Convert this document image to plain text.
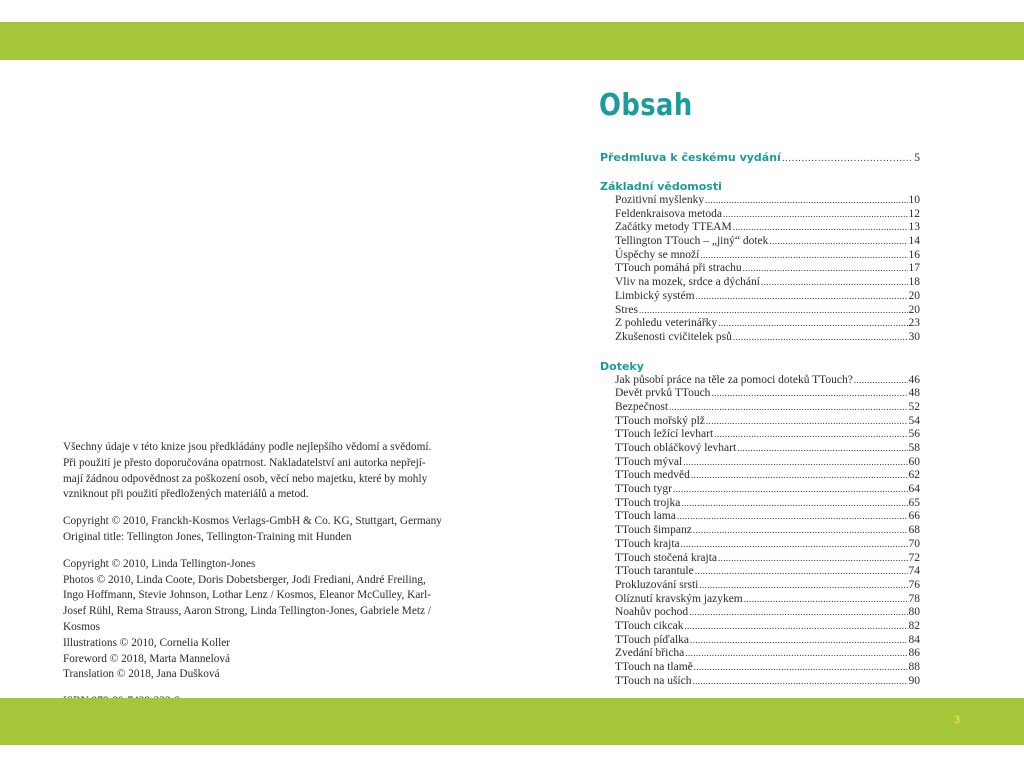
Obsah
Předmluva k českému vydání .....	5
Základní vědomosti
Pozitivní myšlenky .....	10
Feldenkraisova metoda .....	12
Začátky metody TTEAM .....	13
Tellington TTouch – „jiný“ dotek .....	14
Úspěchy se množí .....	16
TTouch pomáhá při strachu .....	17
Vliv na mozek, srdce a dýchání .....	18
Limbický systém .....	20
Stres .....	20
Z pohledu veterinářky .....	23
Zkušenosti cvičitelek psů .....	30
Doteky
Jak působí práce na těle za pomoci doteků TTouch? .....	46
Devět prvků TTouch .....	48
Bezpečnost .....	52
TTouch mořský plž .....	54
TTouch ležící levhart .....	56
TTouch obláčkový levhart .....	58
TTouch mýval .....	60
TTouch medvěd .....	62
TTouch tygr .....	64
TTouch trojka .....	65
TTouch lama .....	66
TTouch šimpanz .....	68
TTouch krajta .....	70
TTouch stočená krajta .....	72
TTouch tarantule .....	74
Prokluzování srsti .....	76
Olíznutí kravským jazykem .....	78
Noahův pochod .....	80
TTouch cikcak .....	82
TTouch píďalka .....	84
Zvedání břicha .....	86
TTouch na tlamě .....	88
TTouch na uších .....	90

Všechny údaje v této knize jsou předkládány podle nejlepšího vědomí a svědomí.
Při použití je přesto doporučována opatrnost. Nakladatelství ani autorka nepřejí-
mají žádnou odpovědnost za poškození osob, věcí nebo majetku, které by mohly
vzniknout při použití předložených materiálů a metod.

Copyright © 2010, Franckh-Kosmos Verlags-GmbH & Co. KG, Stuttgart, Germany
Original title: Tellington Jones, Tellington-Training mit Hunden

Copyright © 2010, Linda Tellington-Jones
Photos © 2010, Linda Coote, Doris Dobetsberger, Jodi Frediani, André Freiling,
Ingo Hoffmann, Stevie Johnson, Lothar Lenz / Kosmos, Eleanor McCulley, Karl-
Josef Rühl, Rema Strauss, Aaron Strong, Linda Tellington-Jones, Gabriele Metz /
Kosmos
Illustrations © 2010, Cornelia Koller
Foreword © 2018, Marta Mannelová
Translation © 2018, Jana Dušková

3
